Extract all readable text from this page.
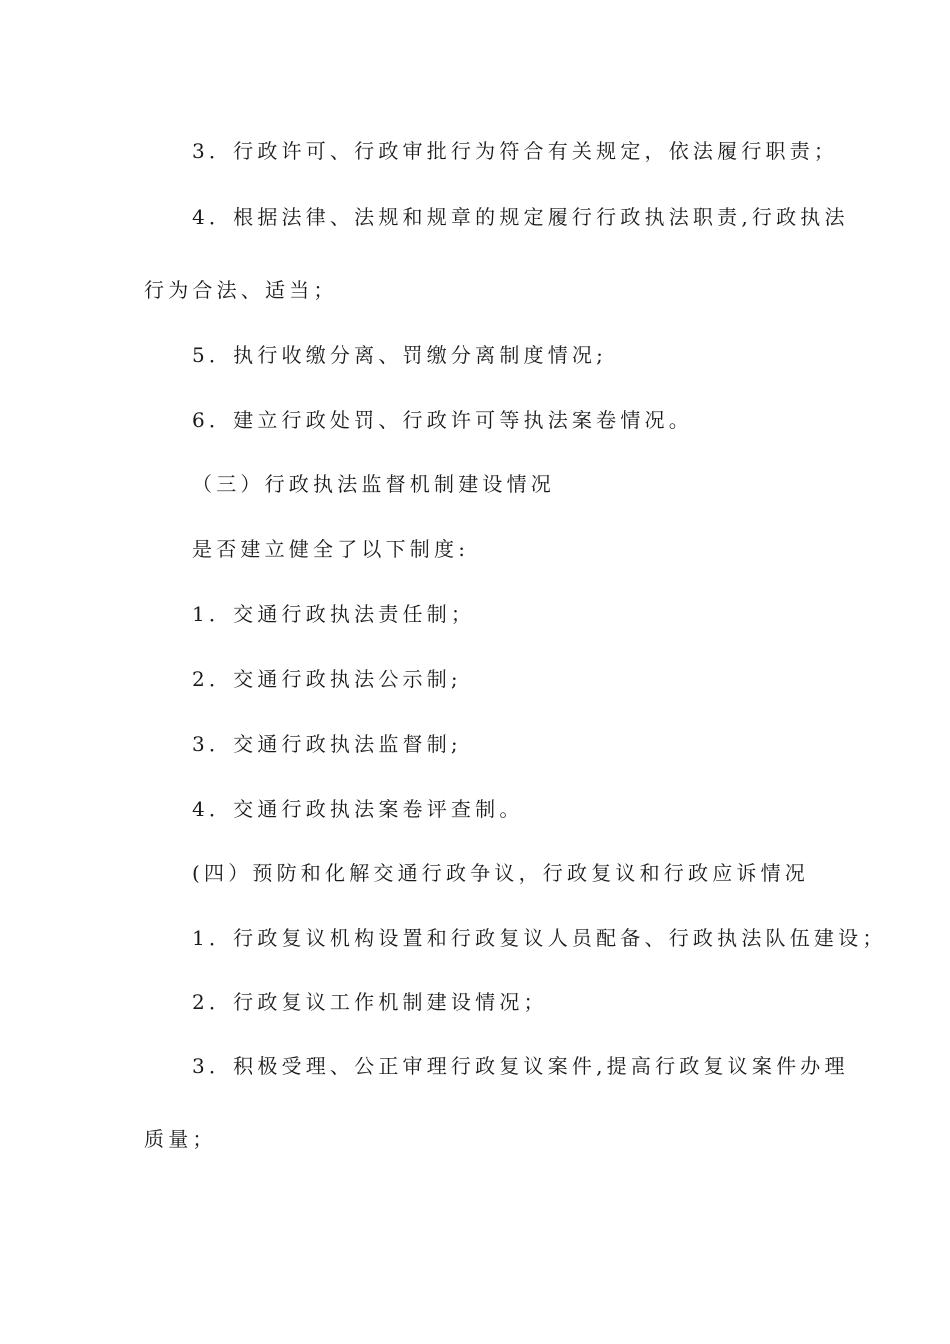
3．行政许可、行政审批行为符合有关规定，依法履行职责；
4．根据法律、法规和规章的规定履行行政执法职责,行政执法
行为合法、适当；
5．执行收缴分离、罚缴分离制度情况;
6．建立行政处罚、行政许可等执法案卷情况。
（三）行政执法监督机制建设情况
是否建立健全了以下制度:
1．交通行政执法责任制；
2．交通行政执法公示制;
3．交通行政执法监督制;
4．交通行政执法案卷评查制。
(四）预防和化解交通行政争议，行政复议和行政应诉情况
1．行政复议机构设置和行政复议人员配备、行政执法队伍建设；
2．行政复议工作机制建设情况；
3．积极受理、公正审理行政复议案件,提高行政复议案件办理
质量；
